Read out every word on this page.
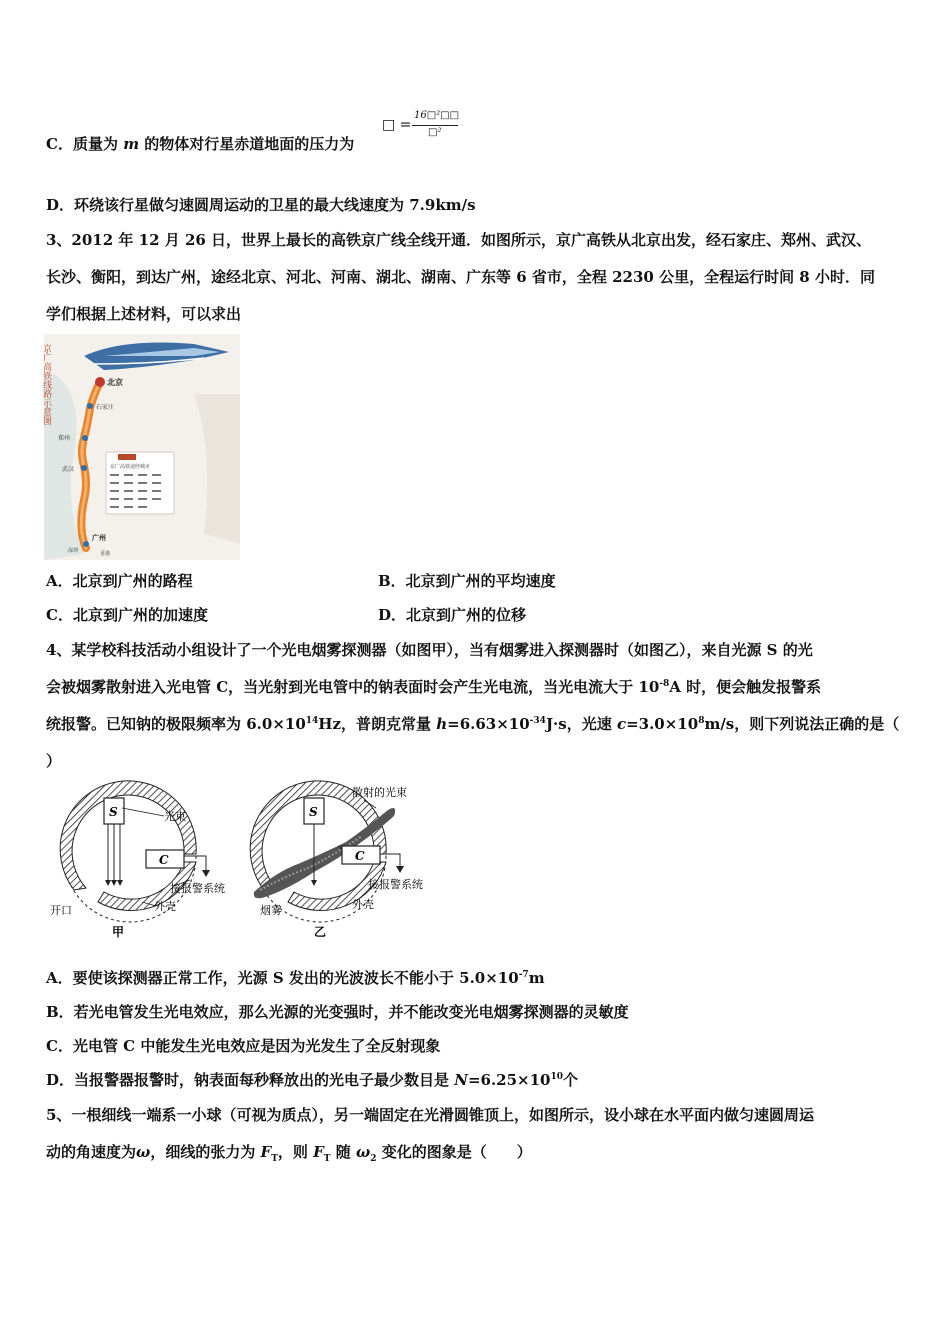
C．质量为 m 的物体对行星赤道地面的压力为
□ =
16□²□□
□²
D．环绕该行星做匀速圆周运动的卫星的最大线速度为 7.9km/s
3、2012 年 12 月 26 日，世界上最长的高铁京广线全线开通．如图所示，京广高铁从北京出发，经石家庄、郑州、武汉、
长沙、衡阳，到达广州，途经北京、河北、河南、湖北、湖南、广东等 6 省市，全程 2230 公里，全程运行时间 8 小时．同
学们根据上述材料，可以求出
京广高铁线路示意图	北京
石家庄
郑州
武汉
广州
深圳	香港
京广高铁途经城市
A．北京到广州的路程	B．北京到广州的平均速度
C．北京到广州的加速度	D．北京到广州的位移
4、某学校科技活动小组设计了一个光电烟雾探测器（如图甲），当有烟雾进入探测器时（如图乙），来自光源 S 的光
会被烟雾散射进入光电管 C，当光射到光电管中的钠表面时会产生光电流，当光电流大于 $10^{-8}A$ 时，便会触发报警系
统报警。已知钠的极限频率为 $6.0\times 10^{14}Hz$，普朗克常量 $h=6.63\times 10^{-34}J\cdot s$，光速 $c=3.0\times 10^8m/s$，则下列说法正确的是（
）
S	光束
C
接报警系统
外壳
开口
甲
S
C
散射的光束
接报警系统
烟雾	外壳
乙
A．要使该探测器正常工作，光源 S 发出的光波波长不能小于 $5.0\times 10^{-7}m$
B．若光电管发生光电效应，那么光源的光变强时，并不能改变光电烟雾探测器的灵敏度
C．光电管 C 中能发生光电效应是因为光发生了全反射现象
D．当报警器报警时，钠表面每秒释放出的光电子最少数目是 $N=6.25\times 10^{10}$个
5、一根细线一端系一小球（可视为质点），另一端固定在光滑圆锥顶上，如图所示，设小球在水平面内做匀速圆周运
动的角速度为ω，细线的张力为 $F_T$，则 $F_T$ 随 $\omega_2$ 变化的图象是（　　）
